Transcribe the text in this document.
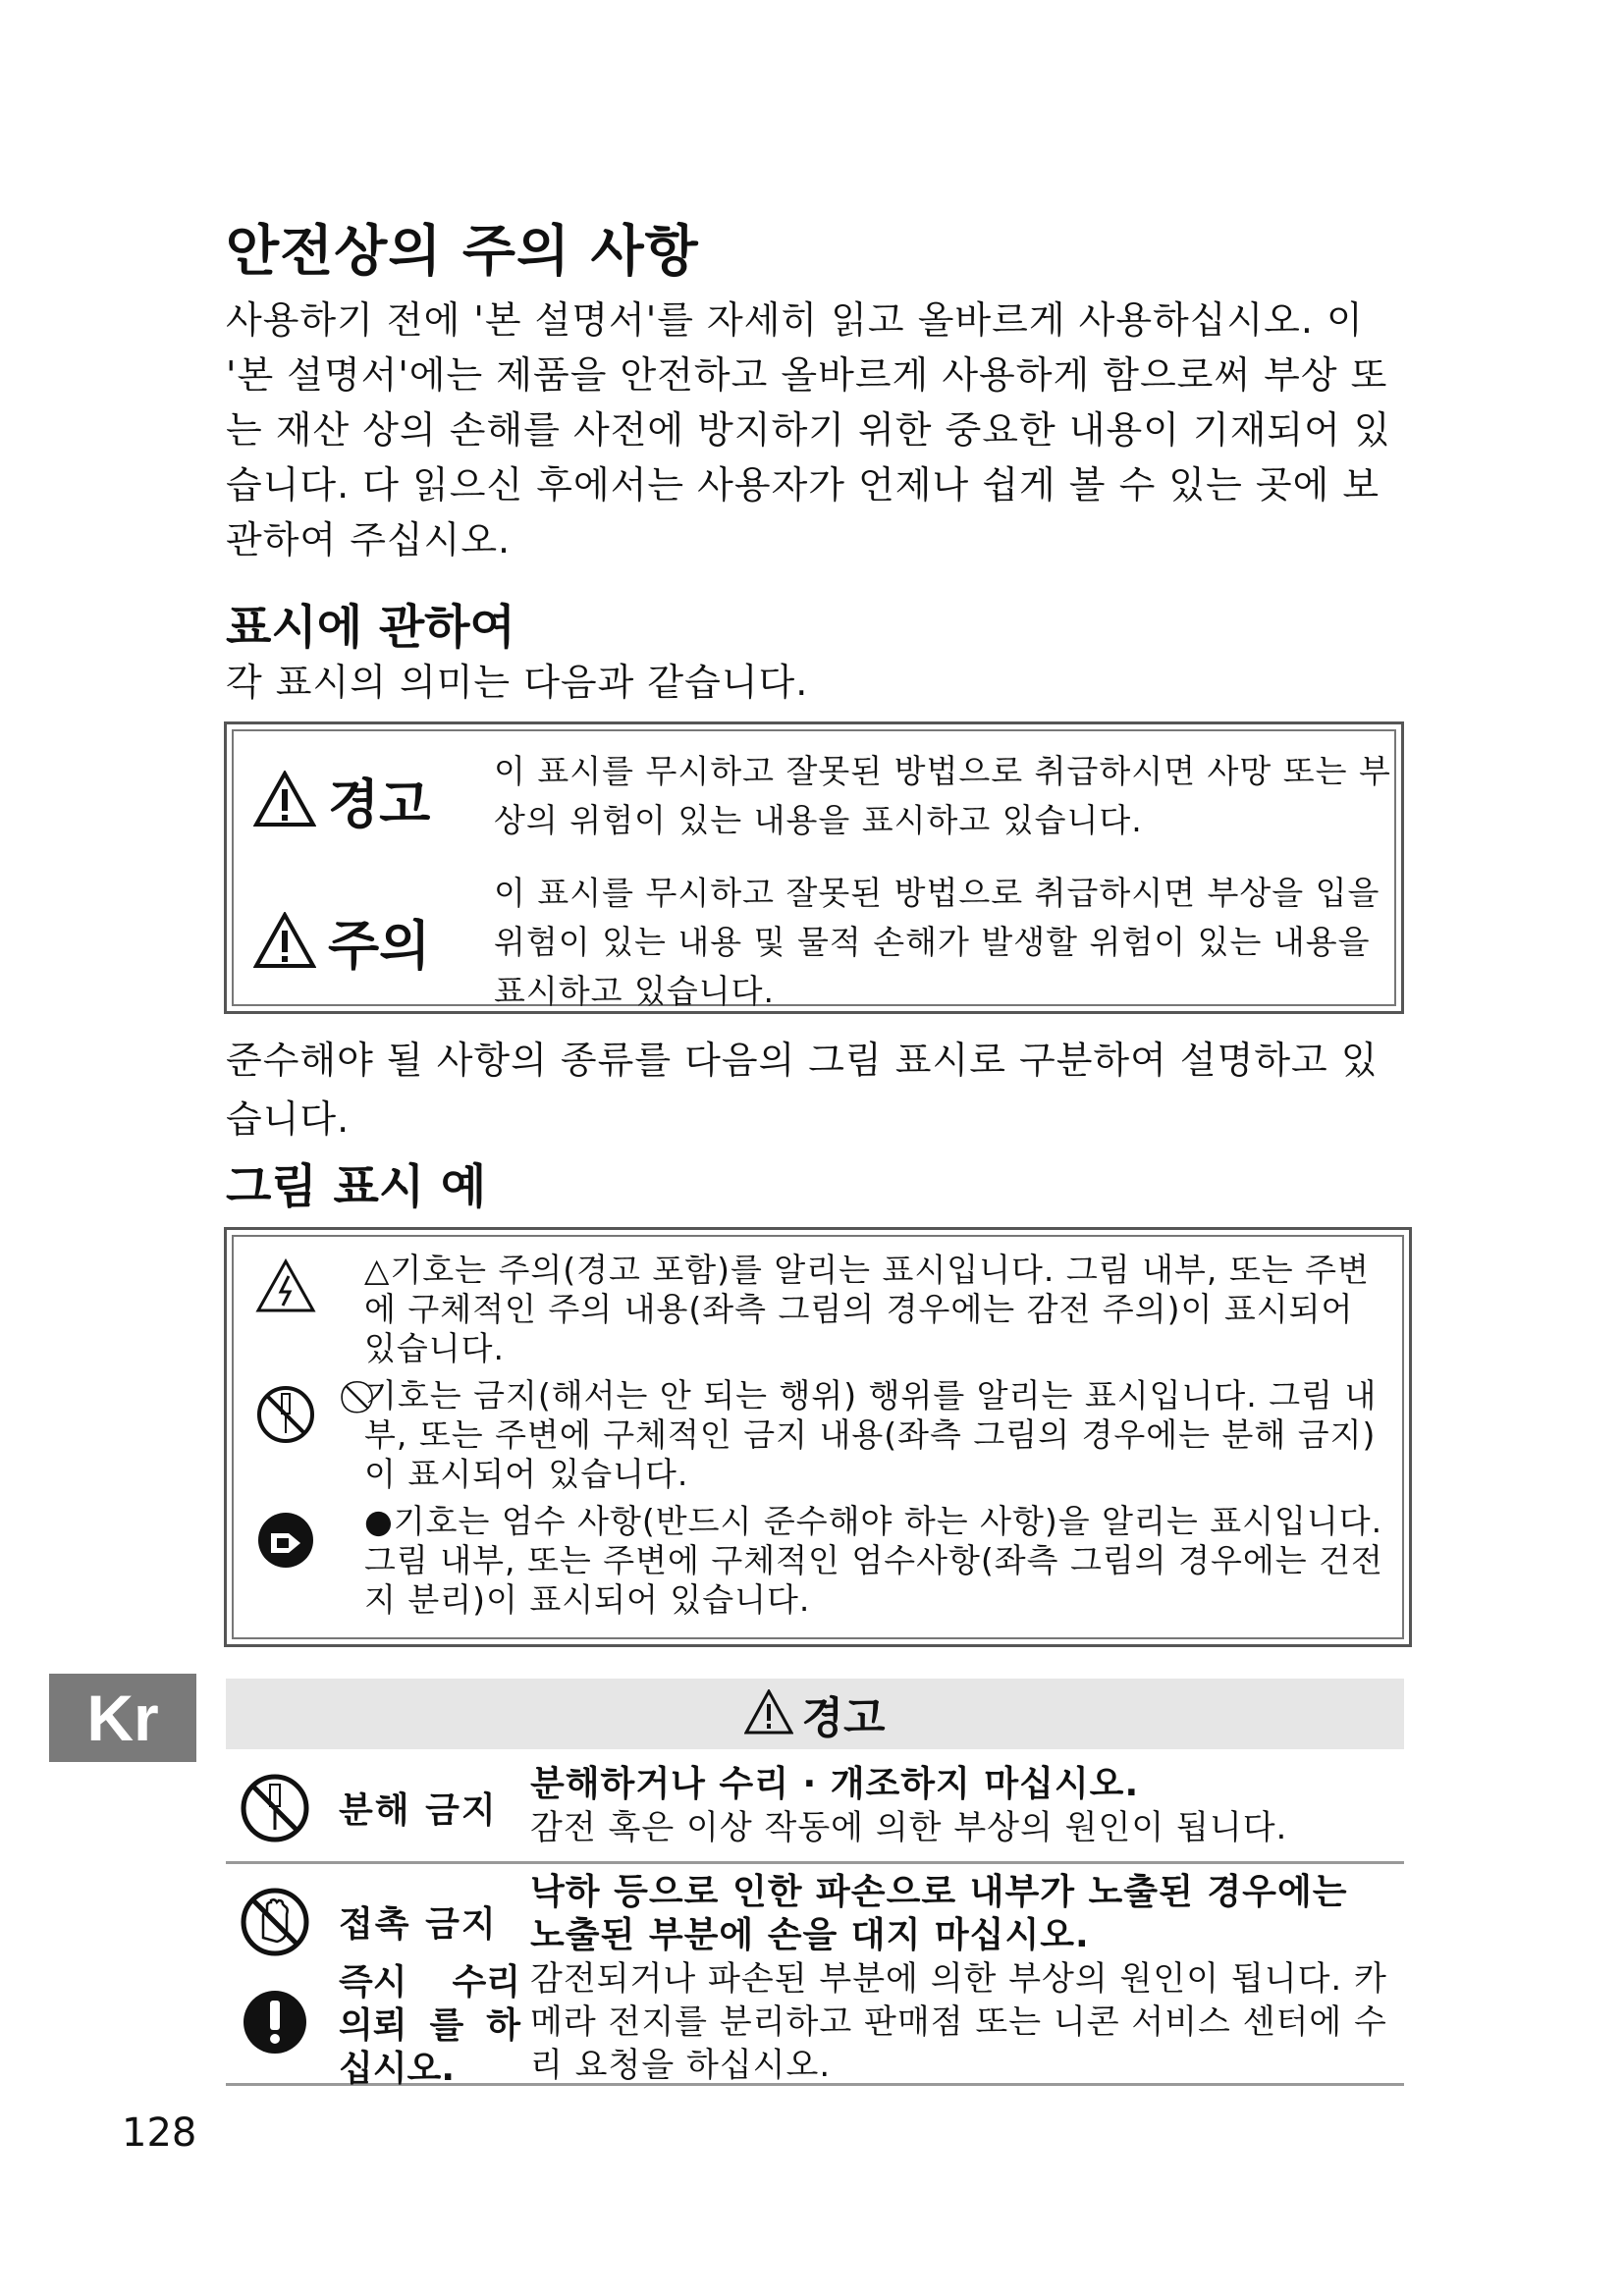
안전상의 주의 사항

사용하기 전에 '본 설명서'를 자세히 읽고 올바르게 사용하십시오. 이 '본 설명서'에는 제품을 안전하고 올바르게 사용하게 함으로써 부상 또는 재산 상의 손해를 사전에 방지하기 위한 중요한 내용이 기재되어 있습니다. 다 읽으신 후에서는 사용자가 언제나 쉽게 볼 수 있는 곳에 보관하여 주십시오.

표시에 관하여

각 표시의 의미는 다음과 같습니다.

경고
이 표시를 무시하고 잘못된 방법으로 취급하시면 사망 또는 부상의 위험이 있는 내용을 표시하고 있습니다.
주의
이 표시를 무시하고 잘못된 방법으로 취급하시면 부상을 입을 위험이 있는 내용 및 물적 손해가 발생할 위험이 있는 내용을 표시하고 있습니다.

준수해야 될 사항의 종류를 다음의 그림 표시로 구분하여 설명하고 있습니다.

그림 표시 예
△기호는 주의(경고 포함)를 알리는 표시입니다. 그림 내부, 또는 주변에 구체적인 주의 내용(좌측 그림의 경우에는 감전 주의)이 표시되어 있습니다.
⃠기호는 금지(해서는 안 되는 행위) 행위를 알리는 표시입니다. 그림 내부, 또는 주변에 구체적인 금지 내용(좌측 그림의 경우에는 분해 금지)이 표시되어 있습니다.
●기호는 엄수 사항(반드시 준수해야 하는 사항)을 알리는 표시입니다. 그림 내부, 또는 주변에 구체적인 엄수사항(좌측 그림의 경우에는 건전지 분리)이 표시되어 있습니다.
Kr	경고
분해 금지
분해하거나 수리 · 개조하지 마십시오.
감전 혹은 이상 작동에 의한 부상의 원인이 됩니다.
접촉 금지
즉시 수리 의뢰 를 하 십시오.
낙하 등으로 인한 파손으로 내부가 노출된 경우에는 노출된 부분에 손을 대지 마십시오.
감전되거나 파손된 부분에 의한 부상의 원인이 됩니다. 카메라 전지를 분리하고 판매점 또는 니콘 서비스 센터에 수리 요청을 하십시오.
128
